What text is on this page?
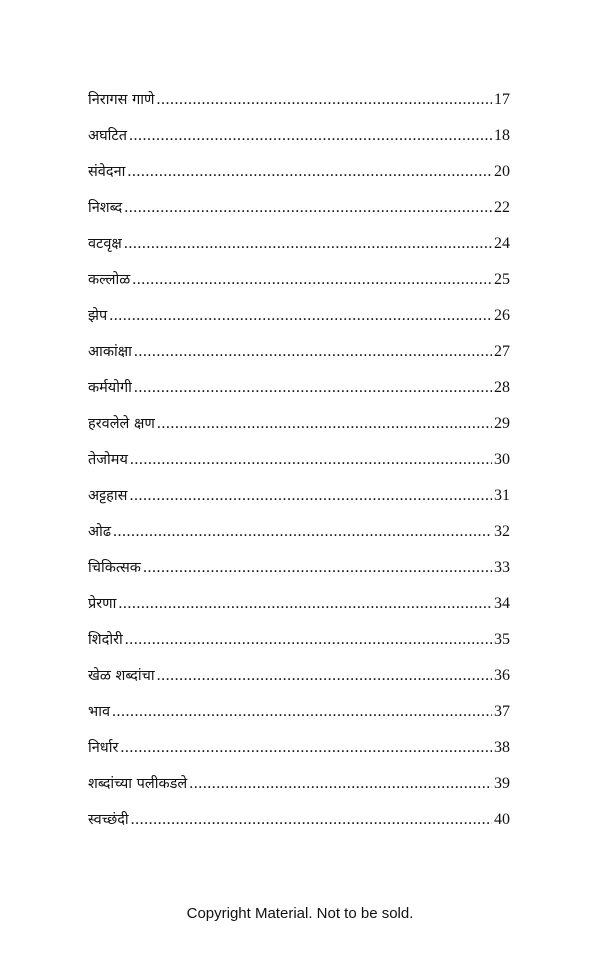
निरागस गाणे .....	17
अघटित .....	18
संवेदना .....	20
निशब्द .....	22
वटवृक्ष .....	24
कल्लोळ .....	25
झेप .....	26
आकांक्षा .....	27
कर्मयोगी .....	28
हरवलेले क्षण .....	29
तेजोमय .....	30
अट्टहास .....	31
ओढ .....	32
चिकित्सक .....	33
प्रेरणा .....	34
शिदोरी .....	35
खेळ शब्दांचा .....	36
भाव .....	37
निर्धार .....	38
शब्दांच्या पलीकडले .....	39
स्वच्छंदी .....	40
Copyright Material. Not to be sold.
